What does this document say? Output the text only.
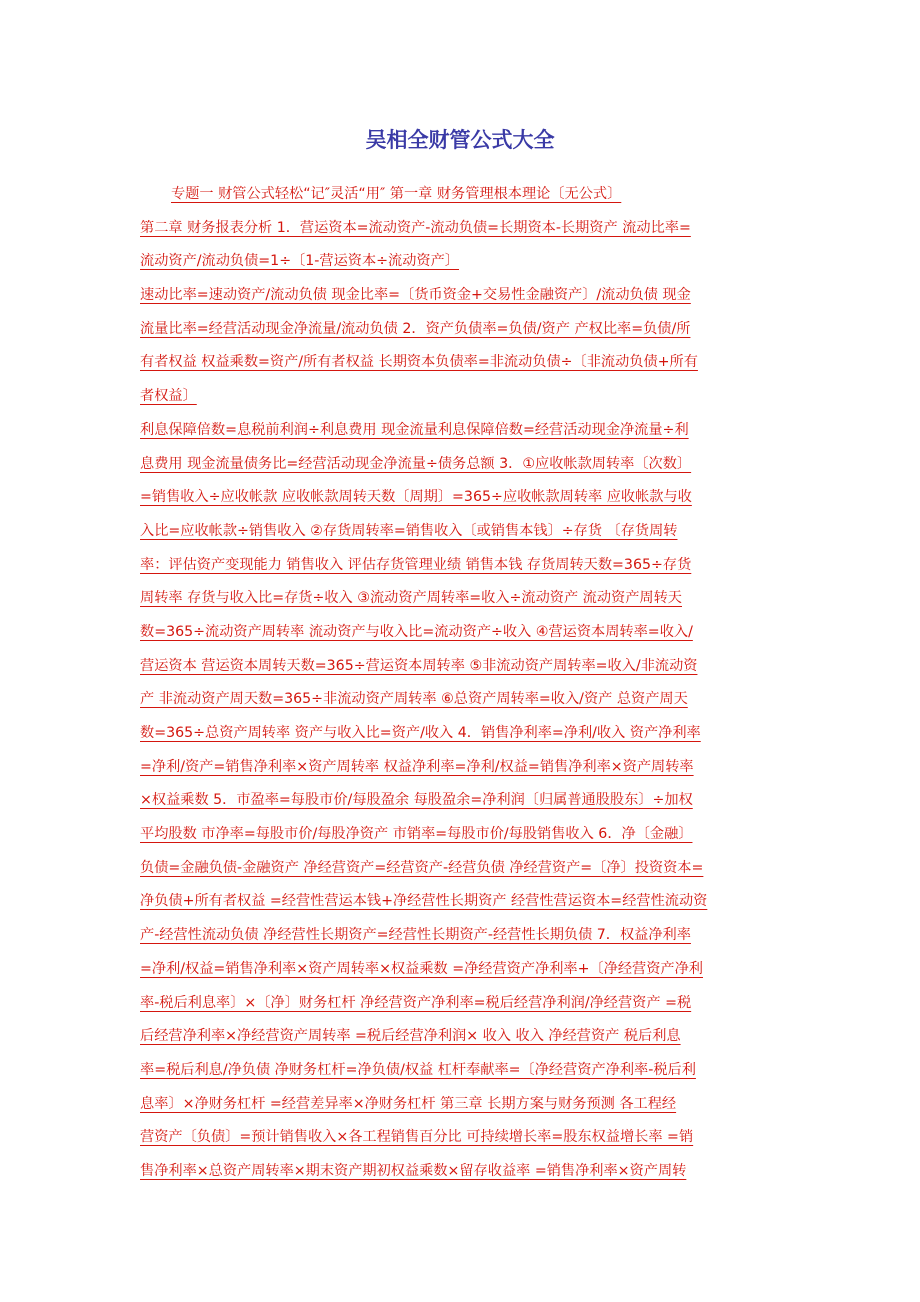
吴相全财管公式大全
专题一 财管公式轻松“记″灵活“用″ 第一章 财务管理根本理论〔无公式〕
第二章 财务报表分析 1．营运资本=流动资产-流动负债=长期资本-长期资产 流动比率=
流动资产/流动负债=1÷〔1-营运资本÷流动资产〕
速动比率=速动资产/流动负债 现金比率=〔货币资金+交易性金融资产〕/流动负债 现金
流量比率=经营活动现金净流量/流动负债 2．资产负债率=负债/资产 产权比率=负债/所
有者权益 权益乘数=资产/所有者权益 长期资本负债率=非流动负债÷〔非流动负债+所有
者权益〕
利息保障倍数=息税前利润÷利息费用 现金流量利息保障倍数=经营活动现金净流量÷利
息费用 现金流量债务比=经营活动现金净流量÷债务总额 3．①应收帐款周转率〔次数〕
=销售收入÷应收帐款 应收帐款周转天数〔周期〕=365÷应收帐款周转率 应收帐款与收
入比=应收帐款÷销售收入 ②存货周转率=销售收入〔或销售本钱〕÷存货 〔存货周转
率：评估资产变现能力 销售收入 评估存货管理业绩 销售本钱 存货周转天数=365÷存货
周转率 存货与收入比=存货÷收入 ③流动资产周转率=收入÷流动资产 流动资产周转天
数=365÷流动资产周转率 流动资产与收入比=流动资产÷收入 ④营运资本周转率=收入/
营运资本 营运资本周转天数=365÷营运资本周转率 ⑤非流动资产周转率=收入/非流动资
产 非流动资产周天数=365÷非流动资产周转率 ⑥总资产周转率=收入/资产 总资产周天
数=365÷总资产周转率 资产与收入比=资产/收入 4．销售净利率=净利/收入 资产净利率
=净利/资产=销售净利率×资产周转率 权益净利率=净利/权益=销售净利率×资产周转率
×权益乘数 5．市盈率=每股市价/每股盈余 每股盈余=净利润〔归属普通股股东〕÷加权
平均股数 市净率=每股市价/每股净资产 市销率=每股市价/每股销售收入 6．净〔金融〕
负债=金融负债-金融资产 净经营资产=经营资产-经营负债 净经营资产=〔净〕投资资本=
净负债+所有者权益 =经营性营运本钱+净经营性长期资产 经营性营运资本=经营性流动资
产-经营性流动负债 净经营性长期资产=经营性长期资产-经营性长期负债 7．权益净利率
=净利/权益=销售净利率×资产周转率×权益乘数 =净经营资产净利率+〔净经营资产净利
率-税后利息率〕×〔净〕财务杠杆 净经营资产净利率=税后经营净利润/净经营资产 =税
后经营净利率×净经营资产周转率 =税后经营净利润× 收入 收入 净经营资产 税后利息
率=税后利息/净负债 净财务杠杆=净负债/权益 杠杆奉献率=〔净经营资产净利率-税后利
息率〕×净财务杠杆 =经营差异率×净财务杠杆 第三章 长期方案与财务预测 各工程经
营资产〔负债〕=预计销售收入×各工程销售百分比 可持续增长率=股东权益增长率 =销
售净利率×总资产周转率×期末资产期初权益乘数×留存收益率 =销售净利率×资产周转
